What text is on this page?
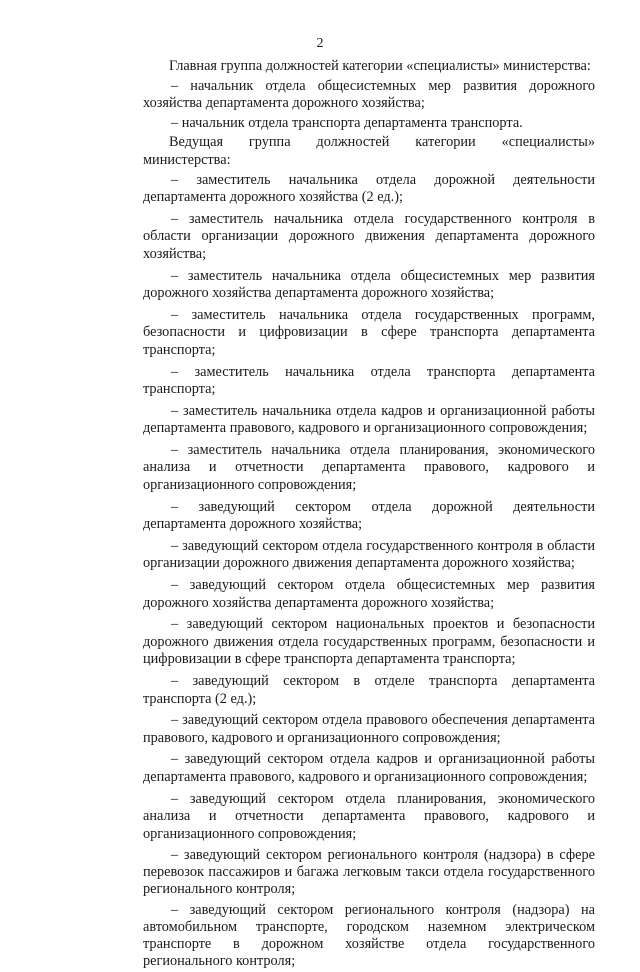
2

Главная группа должностей категории «специалисты» министерства:

– начальник отдела общесистемных мер развития дорожного хозяйства департамента дорожного хозяйства;

– начальник отдела транспорта департамента транспорта.

Ведущая группа должностей категории «специалисты» министерства:

– заместитель начальника отдела дорожной деятельности департамента дорожного хозяйства (2 ед.);

– заместитель начальника отдела государственного контроля в области организации дорожного движения департамента дорожного хозяйства;

– заместитель начальника отдела общесистемных мер развития дорожного хозяйства департамента дорожного хозяйства;

– заместитель начальника отдела государственных программ, безопасности и цифровизации в сфере транспорта департамента транспорта;

– заместитель начальника отдела транспорта департамента транспорта;

– заместитель начальника отдела кадров и организационной работы департамента правового, кадрового и организационного сопровождения;

– заместитель начальника отдела планирования, экономического анализа и отчетности департамента правового, кадрового и организационного сопровождения;

– заведующий сектором отдела дорожной деятельности департамента дорожного хозяйства;

– заведующий сектором отдела государственного контроля в области организации дорожного движения департамента дорожного хозяйства;

– заведующий сектором отдела общесистемных мер развития дорожного хозяйства департамента дорожного хозяйства;

– заведующий сектором национальных проектов и безопасности дорожного движения отдела государственных программ, безопасности и цифровизации в сфере транспорта департамента транспорта;

– заведующий сектором в отделе транспорта департамента транспорта (2 ед.);

– заведующий сектором отдела правового обеспечения департамента правового, кадрового и организационного сопровождения;

– заведующий сектором отдела кадров и организационной работы департамента правового, кадрового и организационного сопровождения;

– заведующий сектором отдела планирования, экономического анализа и отчетности департамента правового, кадрового и организационного сопровождения;

– заведующий сектором регионального контроля (надзора) в сфере перевозок пассажиров и багажа легковым такси отдела государственного регионального контроля;

– заведующий сектором регионального контроля (надзора) на автомобильном транспорте, городском наземном электрическом транспорте в дорожном хозяйстве отдела государственного регионального контроля;
